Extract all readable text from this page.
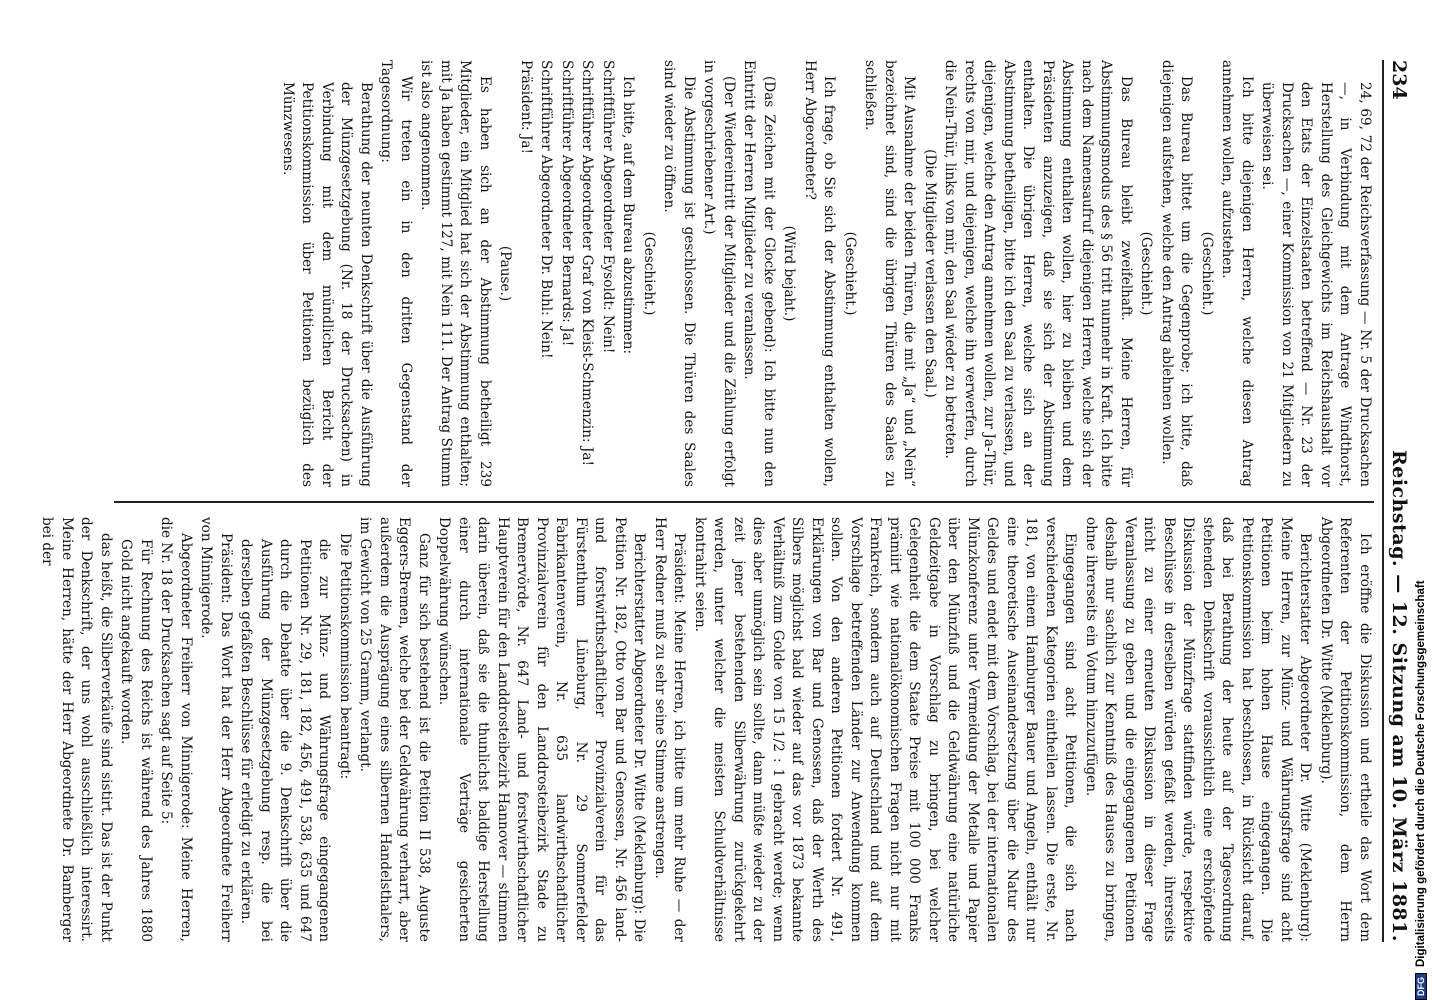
234
Reichstag. — 12. Sitzung am 10. März 1881.

24, 69, 72 der Reichsverfassung — Nr. 5 der Drucksachen —, in Verbindung mit dem Antrage Windthorst, Herstellung des Gleichgewichts im Reichshaushalt vor den Etats der Einzelstaaten betreffend — Nr. 23 der Drucksachen —, einer Kommission von 21 Mitgliedern zu überweisen sei.

Ich bitte diejenigen Herren, welche diesen Antrag annehmen wollen, aufzustehen.

(Geschieht.)

Das Bureau bittet um die Gegenprobe; ich bitte, daß diejenigen aufstehen, welche den Antrag ablehnen wollen.

(Geschieht.)

Das Bureau bleibt zweifelhaft. Meine Herren, für Abstimmungsmodus des § 56 tritt nunmehr in Kraft. Ich bitte nach dem Namensaufruf diejenigen Herren, welche sich der Abstimmung enthalten wollen, hier zu bleiben und dem Präsidenten anzuzeigen, daß sie sich der Abstimmung enthalten. Die übrigen Herren, welche sich an der Abstimmung betheiligen, bitte ich den Saal zu verlassen, und diejenigen, welche den Antrag annehmen wollen, zur Ja-Thür, rechts von mir, und diejenigen, welche ihn verwerfen, durch die Nein-Thür, links von mir, den Saal wieder zu betreten.

(Die Mitglieder verlassen den Saal.)

Mit Ausnahme der beiden Thüren, die mit „Ja“ und „Nein“ bezeichnet sind, sind die übrigen Thüren des Saales zu schließen.

(Geschieht.)

Ich frage, ob Sie sich der Abstimmung enthalten wollen, Herr Abgeordneter?

(Wird bejaht.)

(Das Zeichen mit der Glocke gebend): Ich bitte nun den Eintritt der Herren Mitglieder zu veranlassen.

(Der Wiedereintritt der Mitglieder und die Zählung erfolgt in vorgeschriebener Art.)

Die Abstimmung ist geschlossen. Die Thüren des Saales sind wieder zu öffnen.

(Geschieht.)

Ich bitte, auf dem Bureau abzustimmen:

Schriftführer Abgeordneter Eysoldt: Nein!

Schriftführer Abgeordneter Graf von Kleist-Schmenzin: Ja!

Schriftführer Abgeordneter Bernards: Ja!

Schriftführer Abgeordneter Dr. Buhl: Nein!

Präsident: Ja!

(Pause.)

Es haben sich an der Abstimmung betheiligt 239 Mitglieder, ein Mitglied hat sich der Abstimmung enthalten; mit Ja haben gestimmt 127, mit Nein 111. Der Antrag Stumm ist also angenommen.

Wir treten ein in den dritten Gegenstand der Tagesordnung:

Berathung der neunten Denkschrift über die Ausführung der Münzgesetzgebung (Nr. 18 der Drucksachen) in Verbindung mit dem mündlichen Bericht der Petitionskommission über Petitionen bezüglich des Münzwesens.

Ich eröffne die Diskussion und ertheile das Wort dem Referenten der Petitionskommission, dem Herrn Abgeordneten Dr. Witte (Meklenburg).

Berichterstatter Abgeordneter Dr. Witte (Meklenburg): Meine Herren, zur Münz- und Währungsfrage sind acht Petitionen beim hohen Hause eingegangen. Die Petitionskommission hat beschlossen, in Rücksicht darauf, daß bei Berathung der heute auf der Tagesordnung stehenden Denkschrift voraussichtlich eine erschöpfende Diskussion der Münzfrage stattfinden würde, respektive Beschlüsse in derselben würden gefaßt werden, ihrerseits nicht zu einer erneuten Diskussion in dieser Frage Veranlassung zu geben und die eingegangenen Petitionen deshalb nur sachlich zur Kenntniß des Hauses zu bringen, ohne ihrerseits ein Votum hinzuzufügen.

Eingegangen sind acht Petitionen, die sich nach verschiedenen Kategorien eintheilen lassen. Die erste, Nr. 181, von einem Hamburger Bauer und Angeln, enthält nur eine theoretische Auseinandersetzung über die Natur des Geldes und endet mit dem Vorschlag, bei der internationalen Münzkonferenz unter Vermeidung der Metalle und Papier über den Münzfuß und die Geldwährung eine natürliche Geldzeitgabe in Vorschlag zu bringen, bei welcher Gelegenheit die dem Staate Preise mit 100 000 Franks prämiirt wie nationalökonomischen Fragen nicht nur mit Frankreich, sondern auch auf Deutschland und auf dem Vorschlage betreffenden Länder zur Anwendung kommen sollen. Von den anderen Petitionen fordert Nr. 491, Erklärungen von Bar und Genossen, daß der Werth des Silbers möglichst bald wieder auf das vor 1873 bekannte Verhältniß zum Golde von 15 1/2 : 1 gebracht werde; wenn dies aber unmöglich sein sollte, dann müßte wieder zu der zeit jener bestehenden Silberwährung zurückgekehrt werden, unter welcher die meisten Schuldverhältnisse kontrahirt seien.

Präsident: Meine Herren, ich bitte um mehr Ruhe — der Herr Redner muß zu sehr seine Stimme anstrengen.

Berichterstatter Abgeordneter Dr. Witte (Meklenburg): Die Petition Nr. 182, Otto von Bar und Genossen, Nr. 456 land- und forstwirthschaftlicher Provinzialverein für das Fürstenthum Lüneburg, Nr. 29 Sommerfelder Fabrikantenverein, Nr. 635 landwirthschaftlicher Provinzialverein für den Landdrosteibezirk Stade zu Bremervörde, Nr. 647 Land- und forstwirthschaftlicher Hauptverein für den Landdrosteibezirk Hannover — stimmen darin überein, daß sie die thunlichst baldige Herstellung einer durch internationale Verträge gesicherten Doppelwährung wünschen.

Ganz für sich bestehend ist die Petition II 538, Auguste Eggers-Bremen, welche bei der Geldwährung verharrt, aber außerdem die Ausprägung eines silbernen Handelsthalers, im Gewicht von 25 Gramm, verlangt.

Die Petitionskommission beantragt:

die zur Münz- und Währungsfrage eingegangenen Petitionen Nr. 29, 181, 182, 456, 491, 538, 635 und 647 durch die Debatte über die 9. Denkschrift über die Ausführung der Münzgesetzgebung resp. die bei derselben gefaßten Beschlüsse für erledigt zu erklären.

Präsident: Das Wort hat der Herr Abgeordnete Freiherr von Minnigerode.

Abgeordneter Freiherr von Minnigerode: Meine Herren, die Nr. 18 der Drucksachen sagt auf Seite 5:

Für Rechnung des Reichs ist während des Jahres 1880 Gold nicht angekauft worden.

das heißt, die Silberverkäufe sind sistirt. Das ist der Punkt der Denkschrift, der uns wohl ausschließlich interessirt. Meine Herren, hätte der Herr Abgeordnete Dr. Bamberger bei der

DFGDigitalisierung gefördert durch die Deutsche Forschungsgemeinschaft
